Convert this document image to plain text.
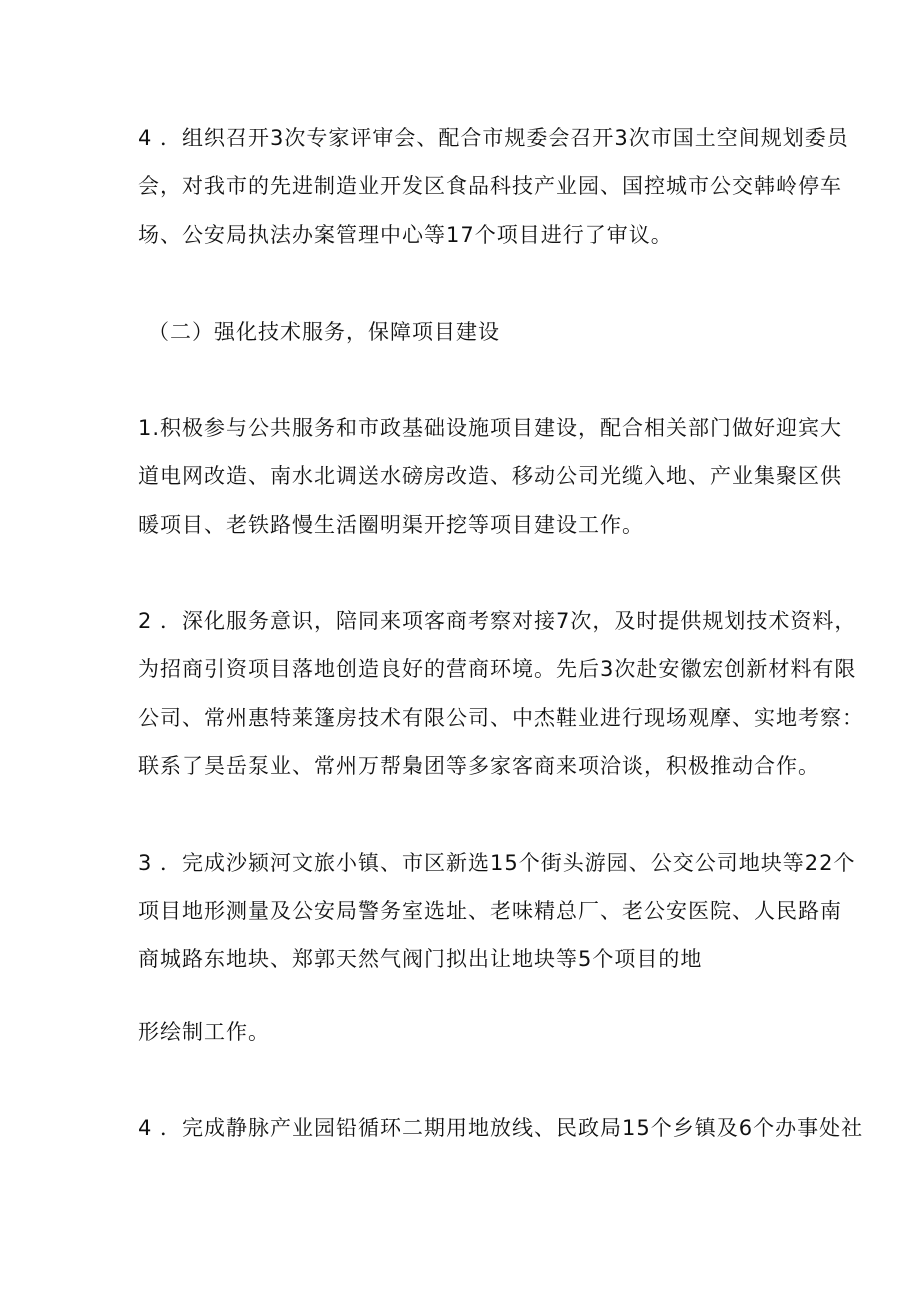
4 ．组织召开3次专家评审会、配合市规委会召开3次市国土空间规划委员
会，对我市的先进制造业开发区食品科技产业园、国控城市公交韩岭停车
场、公安局执法办案管理中心等17个项目进行了审议。
（二）强化技术服务，保障项目建设
1.积极参与公共服务和市政基础设施项目建设，配合相关部门做好迎宾大
道电网改造、南水北调送水磅房改造、移动公司光缆入地、产业集聚区供
暖项目、老铁路慢生活圈明渠开挖等项目建设工作。
2 ．深化服务意识，陪同来项客商考察对接7次，及时提供规划技术资料，
为招商引资项目落地创造良好的营商环境。先后3次赴安徽宏创新材料有限
公司、常州惠特莱篷房技术有限公司、中杰鞋业进行现场观摩、实地考察：
联系了昊岳泵业、常州万帮梟团等多家客商来项洽谈，积极推动合作。
3 ．完成沙颍河文旅小镇、市区新选15个街头游园、公交公司地块等22个
项目地形测量及公安局警务室选址、老味精总厂、老公安医院、人民路南
商城路东地块、郑郭天然气阀门拟出让地块等5个项目的地
形绘制工作。
4 ．完成静脉产业园铅循环二期用地放线、民政局15个乡镇及6个办事处社
